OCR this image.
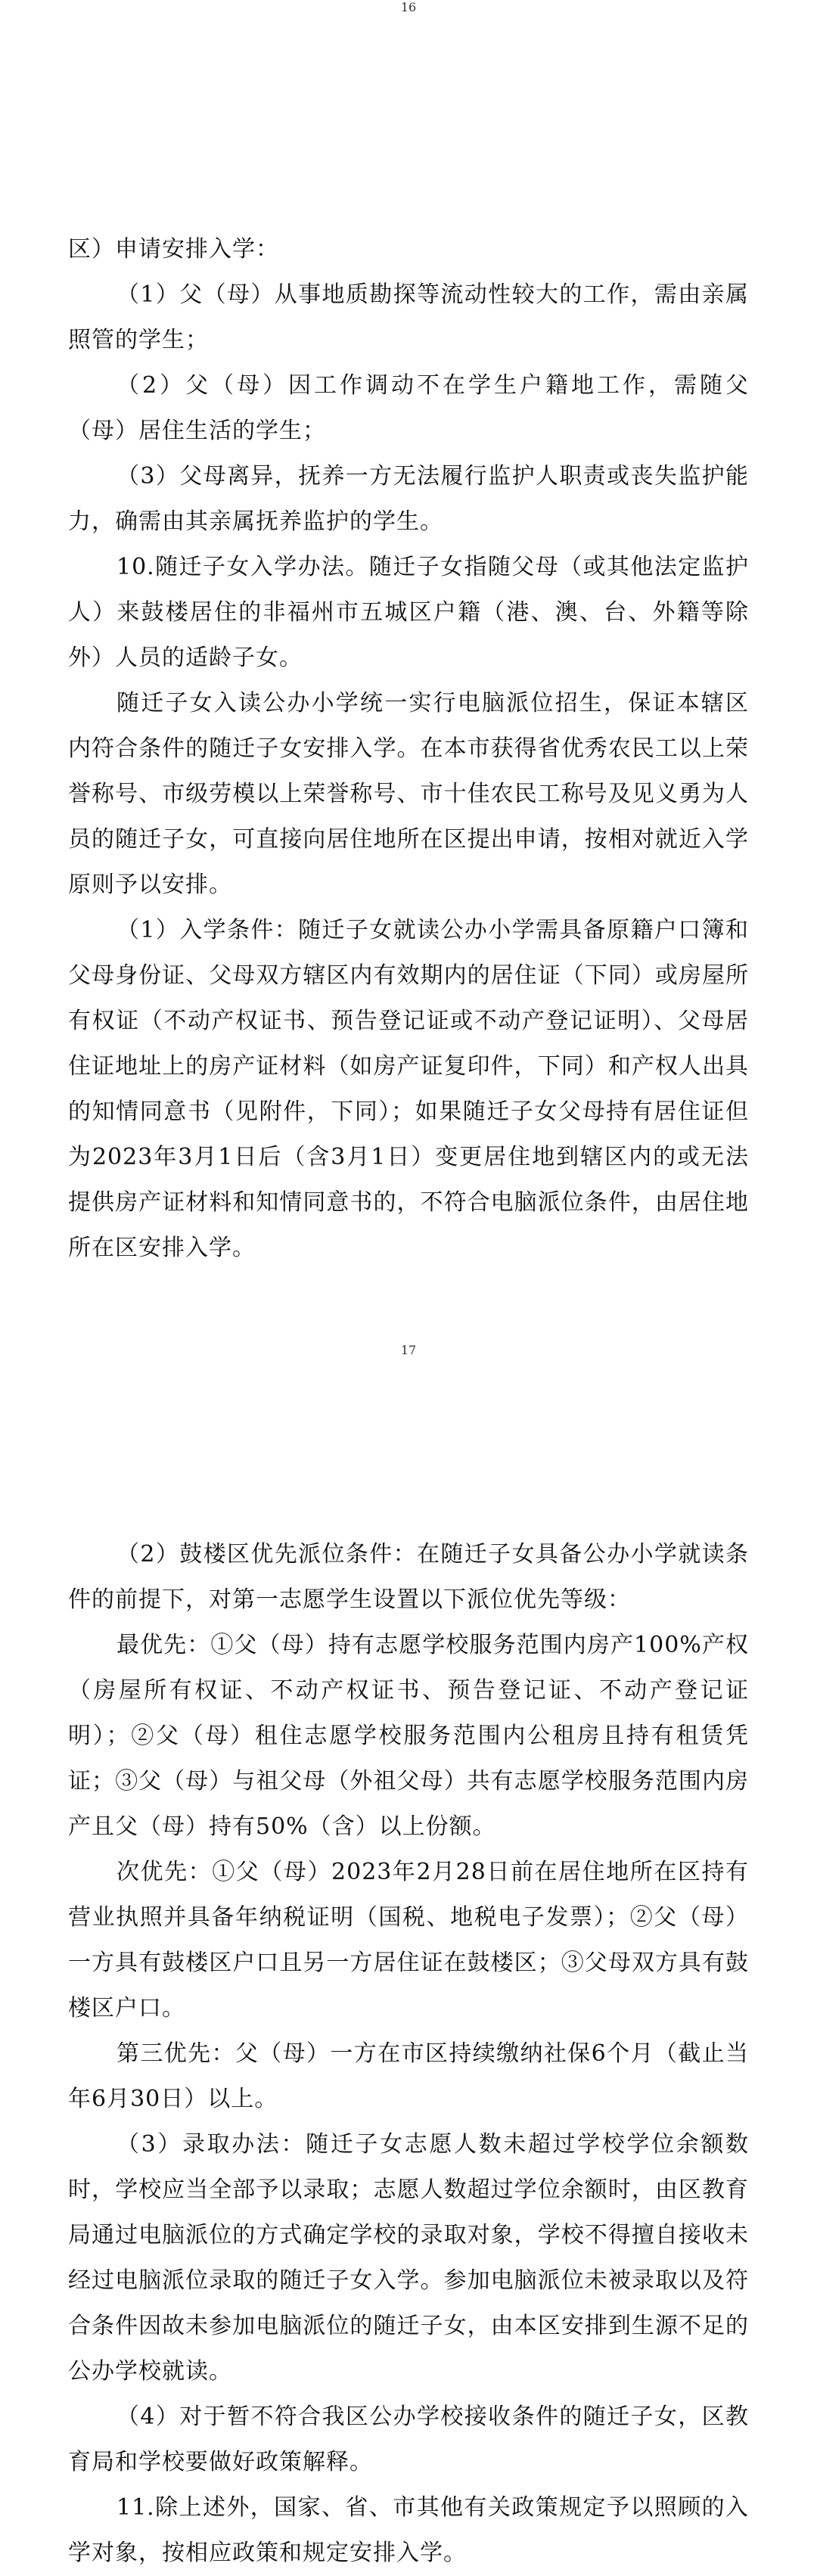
16

区）申请安排入学：

（1）父（母）从事地质勘探等流动性较大的工作，需由亲属照管的学生；

（2）父（母）因工作调动不在学生户籍地工作，需随父（母）居住生活的学生；

（3）父母离异，抚养一方无法履行监护人职责或丧失监护能力，确需由其亲属抚养监护的学生。

10.随迁子女入学办法。随迁子女指随父母（或其他法定监护人）来鼓楼居住的非福州市五城区户籍（港、澳、台、外籍等除外）人员的适龄子女。

随迁子女入读公办小学统一实行电脑派位招生，保证本辖区内符合条件的随迁子女安排入学。在本市获得省优秀农民工以上荣誉称号、市级劳模以上荣誉称号、市十佳农民工称号及见义勇为人员的随迁子女，可直接向居住地所在区提出申请，按相对就近入学原则予以安排。

（1）入学条件：随迁子女就读公办小学需具备原籍户口簿和父母身份证、父母双方辖区内有效期内的居住证（下同）或房屋所有权证（不动产权证书、预告登记证或不动产登记证明）、父母居住证地址上的房产证材料（如房产证复印件，下同）和产权人出具的知情同意书（见附件，下同）；如果随迁子女父母持有居住证但为2023年3月1日后（含3月1日）变更居住地到辖区内的或无法提供房产证材料和知情同意书的，不符合电脑派位条件，由居住地所在区安排入学。

17

（2）鼓楼区优先派位条件：在随迁子女具备公办小学就读条件的前提下，对第一志愿学生设置以下派位优先等级：

最优先：①父（母）持有志愿学校服务范围内房产100%产权（房屋所有权证、不动产权证书、预告登记证、不动产登记证明）；②父（母）租住志愿学校服务范围内公租房且持有租赁凭证；③父（母）与祖父母（外祖父母）共有志愿学校服务范围内房产且父（母）持有50%（含）以上份额。

次优先：①父（母）2023年2月28日前在居住地所在区持有营业执照并具备年纳税证明（国税、地税电子发票）；②父（母）一方具有鼓楼区户口且另一方居住证在鼓楼区；③父母双方具有鼓楼区户口。

第三优先：父（母）一方在市区持续缴纳社保6个月（截止当年6月30日）以上。

（3）录取办法：随迁子女志愿人数未超过学校学位余额数时，学校应当全部予以录取；志愿人数超过学位余额时，由区教育局通过电脑派位的方式确定学校的录取对象，学校不得擅自接收未经过电脑派位录取的随迁子女入学。参加电脑派位未被录取以及符合条件因故未参加电脑派位的随迁子女，由本区安排到生源不足的公办学校就读。

（4）对于暂不符合我区公办学校接收条件的随迁子女，区教育局和学校要做好政策解释。

11.除上述外，国家、省、市其他有关政策规定予以照顾的入学对象，按相应政策和规定安排入学。
